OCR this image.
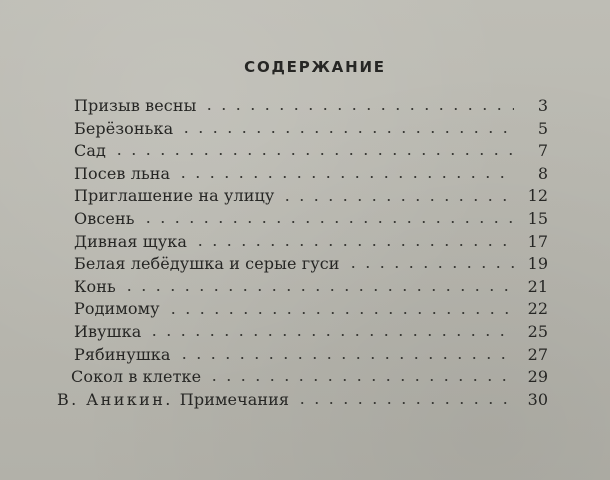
СОДЕРЖАНИЕ
Призыв весны	3
Берёзонька	5
Сад	7
Посев льна	8
Приглашение на улицу	12
Овсень	15
Дивная щука	17
Белая лебёдушка и серые гуси	19
Конь	21
Родимому	22
Ивушка	25
Рябинушка	27
Сокол в клетке	29
В. Аникин. Примечания	30
